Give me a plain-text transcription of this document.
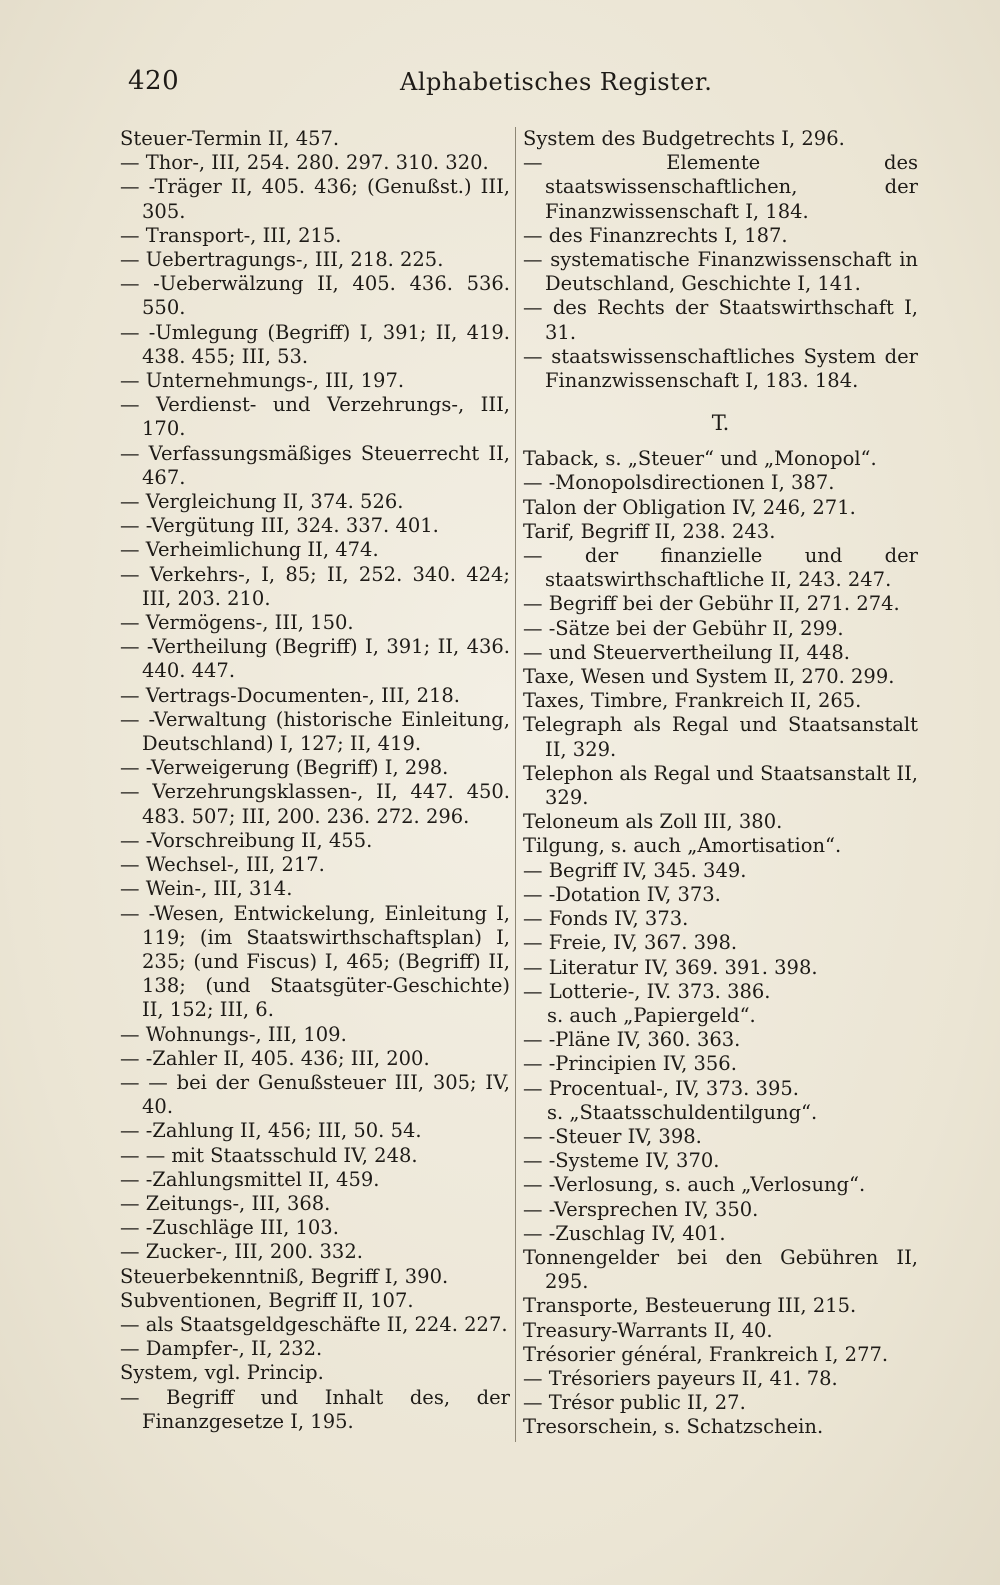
420	Alphabetisches Register.

Steuer-Termin II, 457.

— Thor-, III, 254. 280. 297. 310. 320.

— -Träger II, 405. 436; (Genußst.) III, 305.

— Transport-, III, 215.

— Uebertragungs-, III, 218. 225.

— -Ueberwälzung II, 405. 436. 536. 550.

— -Umlegung (Begriff) I, 391; II, 419. 438. 455; III, 53.

— Unternehmungs-, III, 197.

— Verdienst- und Verzehrungs-, III, 170.

— Verfassungsmäßiges Steuerrecht II, 467.

— Vergleichung II, 374. 526.

— -Vergütung III, 324. 337. 401.

— Verheimlichung II, 474.

— Verkehrs-, I, 85; II, 252. 340. 424; III, 203. 210.

— Vermögens-, III, 150.

— -Vertheilung (Begriff) I, 391; II, 436. 440. 447.

— Vertrags-Documenten-, III, 218.

— -Verwaltung (historische Einleitung, Deutschland) I, 127; II, 419.

— -Verweigerung (Begriff) I, 298.

— Verzehrungsklassen-, II, 447. 450. 483. 507; III, 200. 236. 272. 296.

— -Vorschreibung II, 455.

— Wechsel-, III, 217.

— Wein-, III, 314.

— -Wesen, Entwickelung, Einleitung I, 119; (im Staatswirthschaftsplan) I, 235; (und Fiscus) I, 465; (Begriff) II, 138; (und Staatsgüter-Geschichte) II, 152; III, 6.

— Wohnungs-, III, 109.

— -Zahler II, 405. 436; III, 200.

— — bei der Genußsteuer III, 305; IV, 40.

— -Zahlung II, 456; III, 50. 54.

— — mit Staatsschuld IV, 248.

— -Zahlungsmittel II, 459.

— Zeitungs-, III, 368.

— -Zuschläge III, 103.

— Zucker-, III, 200. 332.

Steuerbekenntniß, Begriff I, 390.

Subventionen, Begriff II, 107.

— als Staatsgeldgeschäfte II, 224. 227.

— Dampfer-, II, 232.

System, vgl. Princip.

— Begriff und Inhalt des, der Finanzgesetze I, 195.

System des Budgetrechts I, 296.

— Elemente des staatswissenschaftlichen, der Finanzwissenschaft I, 184.

— des Finanzrechts I, 187.

— systematische Finanzwissenschaft in Deutschland, Geschichte I, 141.

— des Rechts der Staatswirthschaft I, 31.

— staatswissenschaftliches System der Finanzwissenschaft I, 183. 184.

T.

Taback, s. „Steuer“ und „Monopol“.

— -Monopolsdirectionen I, 387.

Talon der Obligation IV, 246, 271.

Tarif, Begriff II, 238. 243.

— der finanzielle und der staatswirthschaftliche II, 243. 247.

— Begriff bei der Gebühr II, 271. 274.

— -Sätze bei der Gebühr II, 299.

— und Steuervertheilung II, 448.

Taxe, Wesen und System II, 270. 299.

Taxes, Timbre, Frankreich II, 265.

Telegraph als Regal und Staatsanstalt II, 329.

Telephon als Regal und Staatsanstalt II, 329.

Teloneum als Zoll III, 380.

Tilgung, s. auch „Amortisation“.

— Begriff IV, 345. 349.

— -Dotation IV, 373.

— Fonds IV, 373.

— Freie, IV, 367. 398.

— Literatur IV, 369. 391. 398.

— Lotterie-, IV. 373. 386.

s. auch „Papiergeld“.

— -Pläne IV, 360. 363.

— -Principien IV, 356.

— Procentual-, IV, 373. 395.

s. „Staatsschuldentilgung“.

— -Steuer IV, 398.

— -Systeme IV, 370.

— -Verlosung, s. auch „Verlosung“.

— -Versprechen IV, 350.

— -Zuschlag IV, 401.

Tonnengelder bei den Gebühren II, 295.

Transporte, Besteuerung III, 215.

Treasury-Warrants II, 40.

Trésorier général, Frankreich I, 277.

— Trésoriers payeurs II, 41. 78.

— Trésor public II, 27.

Tresorschein, s. Schatzschein.
